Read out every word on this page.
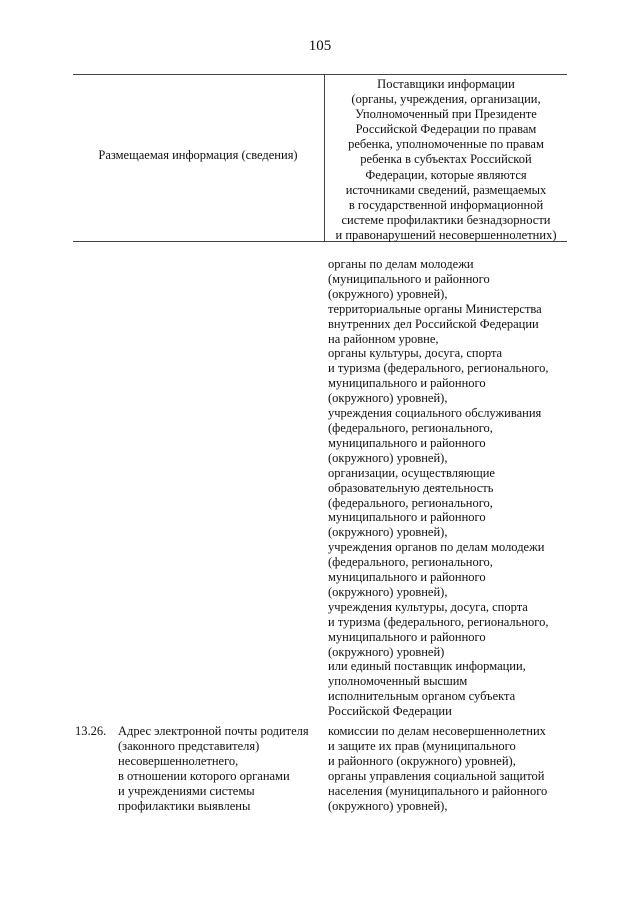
105
Размещаемая информация (сведения)
Поставщики информации
(органы, учреждения, организации,
Уполномоченный при Президенте
Российской Федерации по правам
ребенка, уполномоченные по правам
ребенка в субъектах Российской
Федерации, которые являются
источниками сведений, размещаемых
в государственной информационной
системе профилактики безнадзорности
и правонарушений несовершеннолетних)
органы по делам молодежи
(муниципального и районного
(окружного) уровней),
территориальные органы Министерства
внутренних дел Российской Федерации
на районном уровне,
органы культуры, досуга, спорта
и туризма (федерального, регионального,
муниципального и районного
(окружного) уровней),
учреждения социального обслуживания
(федерального, регионального,
муниципального и районного
(окружного) уровней),
организации, осуществляющие
образовательную деятельность
(федерального, регионального,
муниципального и районного
(окружного) уровней),
учреждения органов по делам молодежи
(федерального, регионального,
муниципального и районного
(окружного) уровней),
учреждения культуры, досуга, спорта
и туризма (федерального, регионального,
муниципального и районного
(окружного) уровней)
или единый поставщик информации,
уполномоченный высшим
исполнительным органом субъекта
Российской Федерации
13.26. Адрес электронной почты родителя
(законного представителя)
несовершеннолетнего,
в отношении которого органами
и учреждениями системы
профилактики выявлены
комиссии по делам несовершеннолетних
и защите их прав (муниципального
и районного (окружного) уровней),
органы управления социальной защитой
населения (муниципального и районного
(окружного) уровней),
